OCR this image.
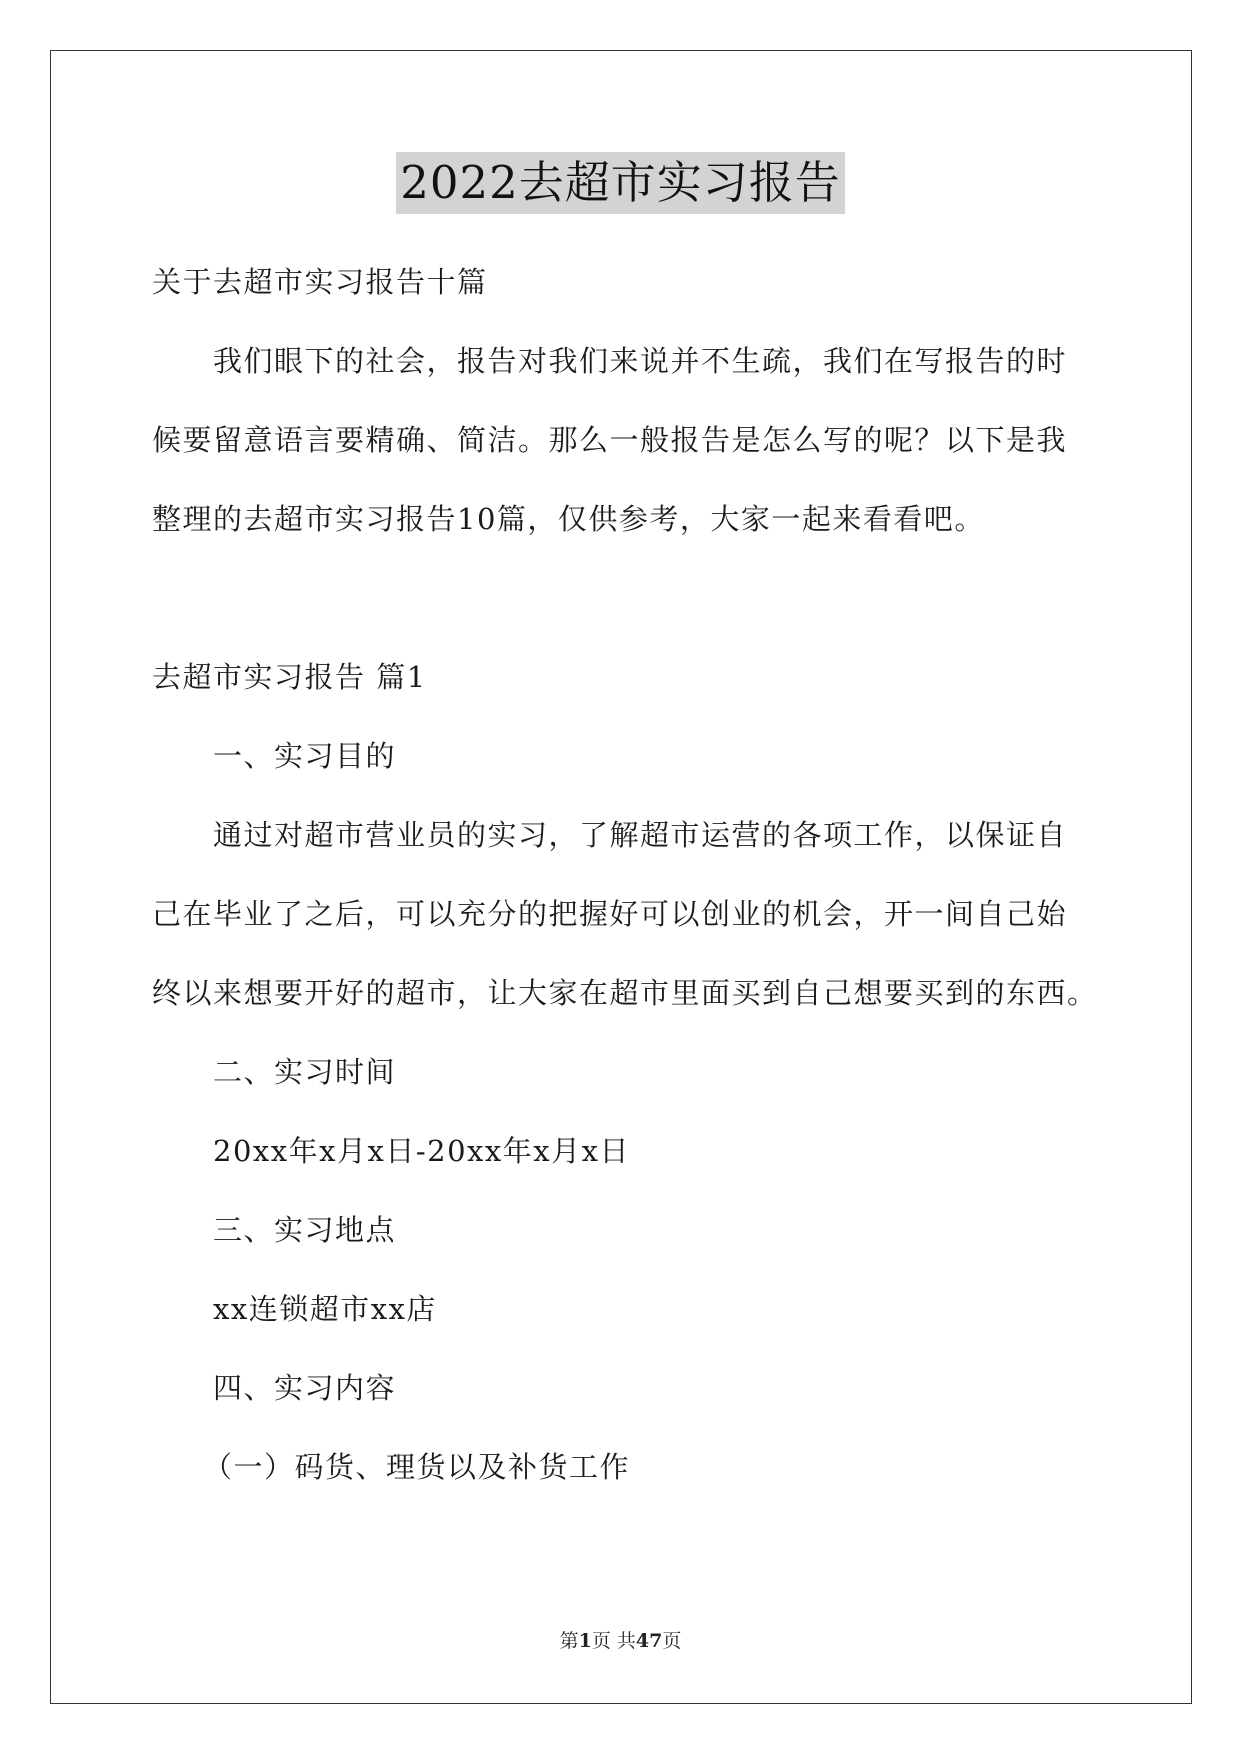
2022去超市实习报告
关于去超市实习报告十篇
我们眼下的社会，报告对我们来说并不生疏，我们在写报告的时
候要留意语言要精确、简洁。那么一般报告是怎么写的呢？以下是我
整理的去超市实习报告10篇，仅供参考，大家一起来看看吧。
去超市实习报告 篇1
一、实习目的
通过对超市营业员的实习，了解超市运营的各项工作，以保证自
己在毕业了之后，可以充分的把握好可以创业的机会，开一间自己始
终以来想要开好的超市，让大家在超市里面买到自己想要买到的东西。
二、实习时间
20xx年x月x日-20xx年x月x日
三、实习地点
xx连锁超市xx店
四、实习内容
（一）码货、理货以及补货工作
第1页 共47页
